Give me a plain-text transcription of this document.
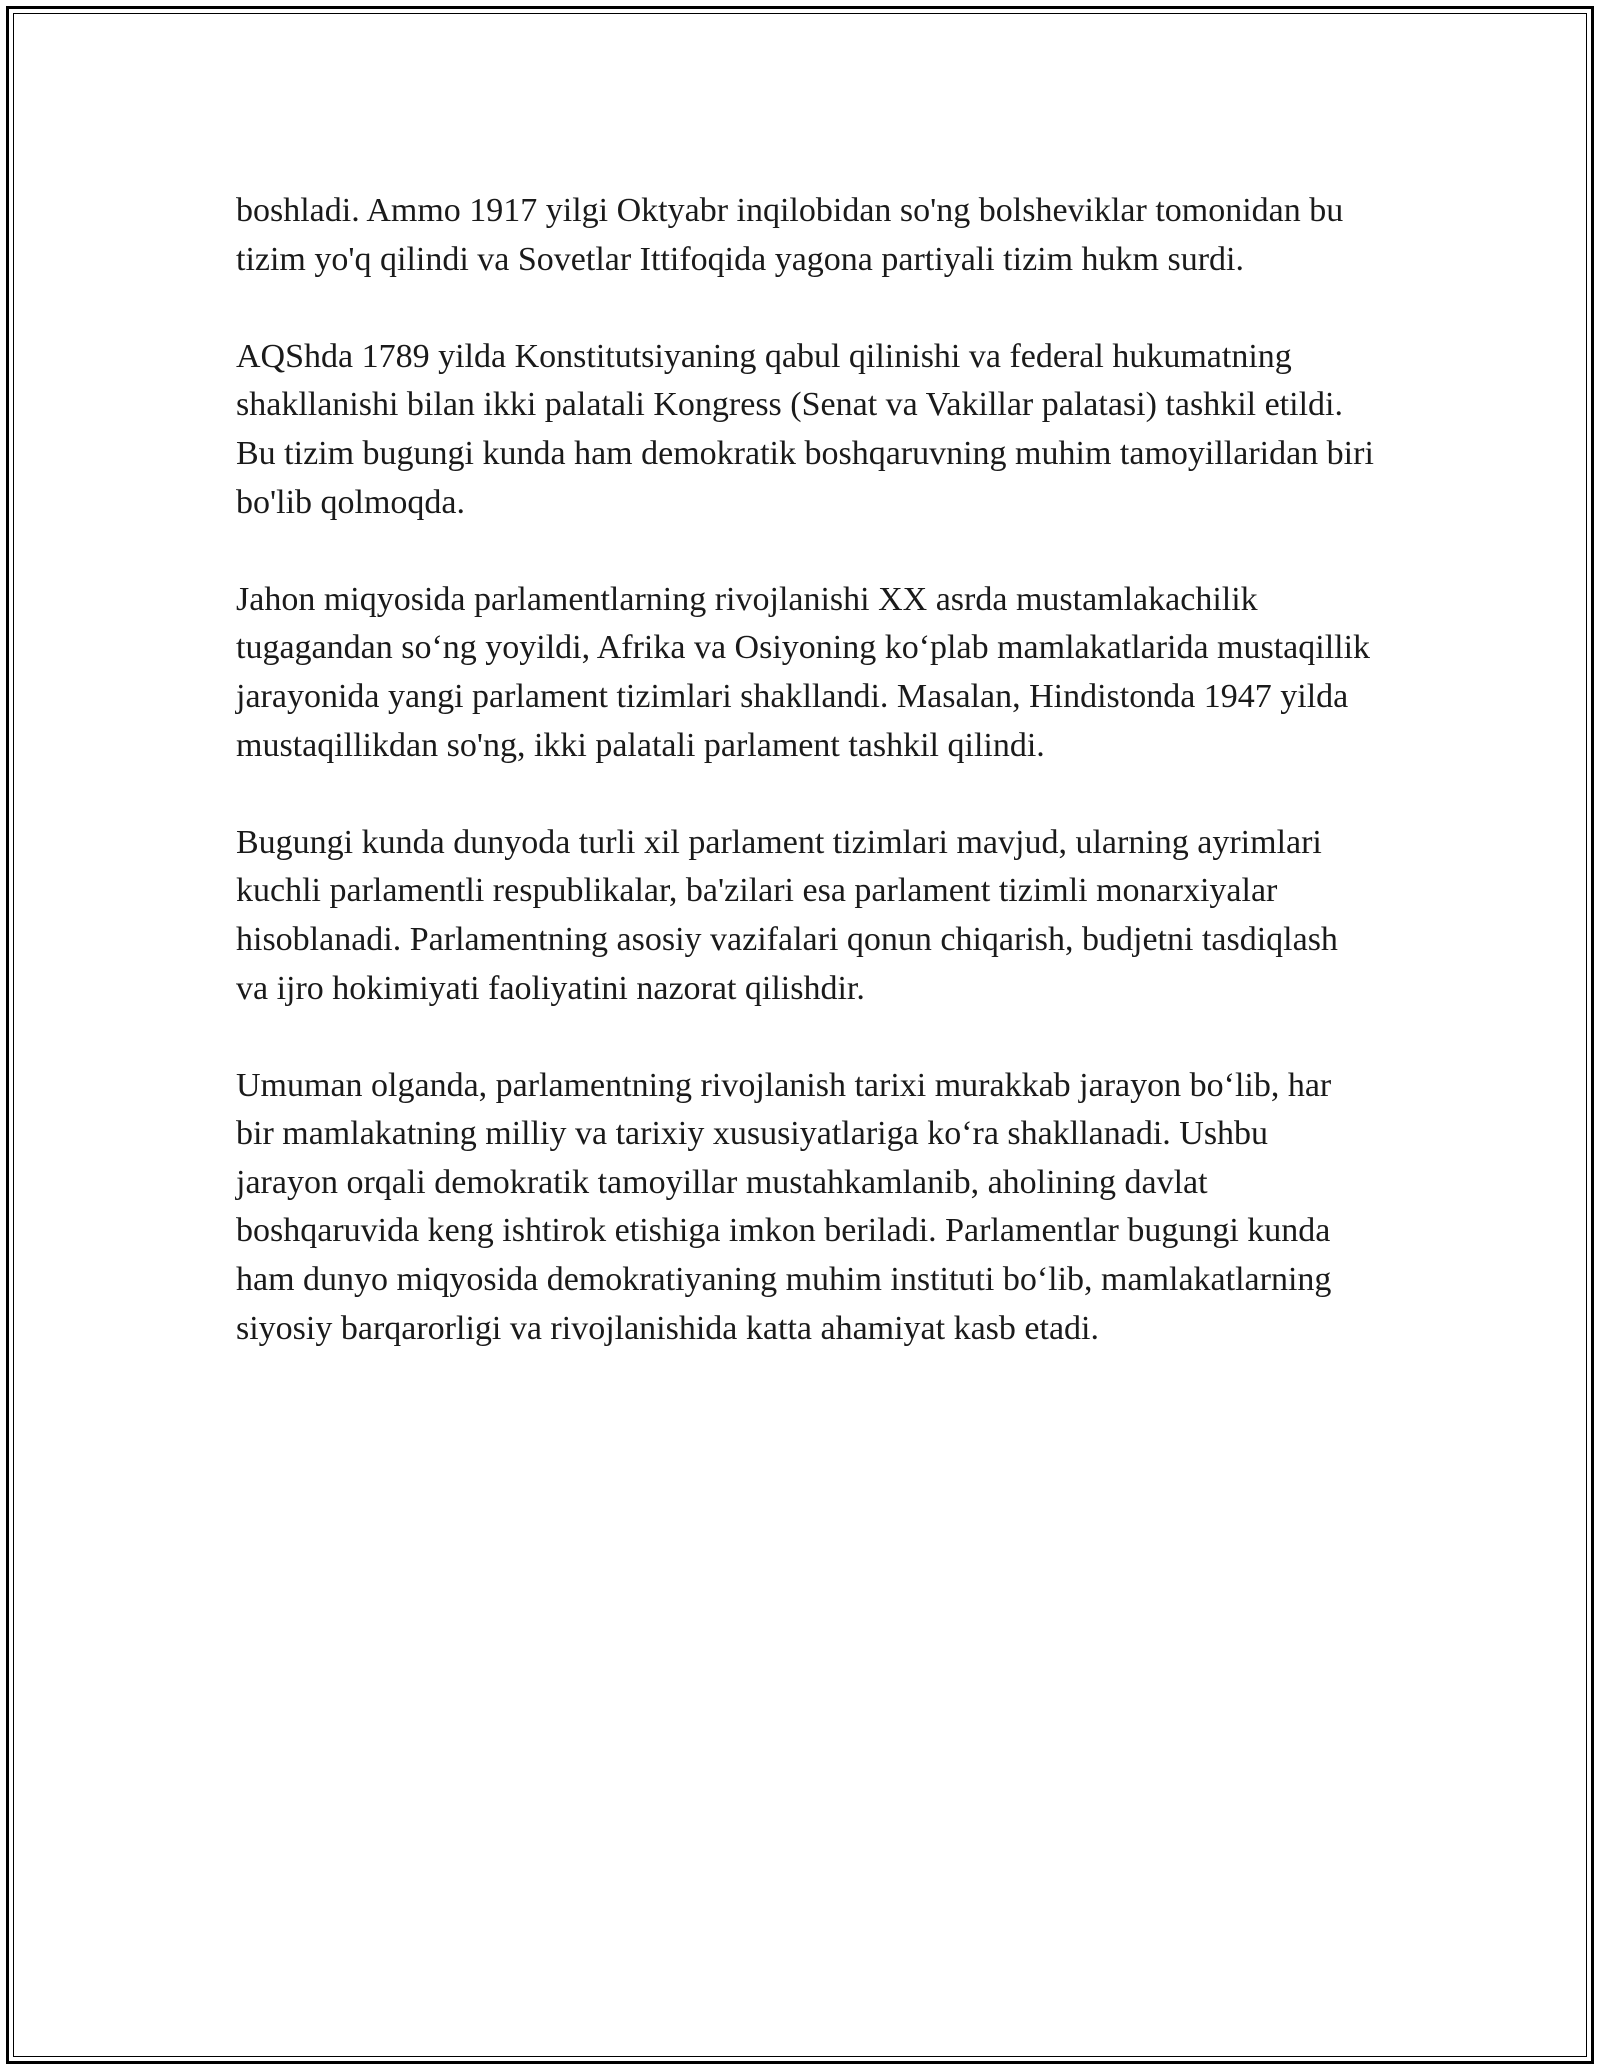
boshladi. Ammo 1917 yilgi Oktyabr inqilobidan so'ng bolsheviklar tomonidan bu tizim yo'q qilindi va Sovetlar Ittifoqida yagona partiyali tizim hukm surdi.

AQShda 1789 yilda Konstitutsiyaning qabul qilinishi va federal hukumatning shakllanishi bilan ikki palatali Kongress (Senat va Vakillar palatasi) tashkil etildi. Bu tizim bugungi kunda ham demokratik boshqaruvning muhim tamoyillaridan biri bo'lib qolmoqda.

Jahon miqyosida parlamentlarning rivojlanishi XX asrda mustamlakachilik tugagandan so‘ng yoyildi, Afrika va Osiyoning ko‘plab mamlakatlarida mustaqillik jarayonida yangi parlament tizimlari shakllandi. Masalan, Hindistonda 1947 yilda mustaqillikdan so'ng, ikki palatali parlament tashkil qilindi.

Bugungi kunda dunyoda turli xil parlament tizimlari mavjud, ularning ayrimlari kuchli parlamentli respublikalar, ba'zilari esa parlament tizimli monarxiyalar hisoblanadi. Parlamentning asosiy vazifalari qonun chiqarish, budjetni tasdiqlash va ijro hokimiyati faoliyatini nazorat qilishdir.

Umuman olganda, parlamentning rivojlanish tarixi murakkab jarayon bo‘lib, har bir mamlakatning milliy va tarixiy xususiyatlariga ko‘ra shakllanadi. Ushbu jarayon orqali demokratik tamoyillar mustahkamlanib, aholining davlat boshqaruvida keng ishtirok etishiga imkon beriladi. Parlamentlar bugungi kunda ham dunyo miqyosida demokratiyaning muhim instituti bo‘lib, mamlakatlarning siyosiy barqarorligi va rivojlanishida katta ahamiyat kasb etadi.
